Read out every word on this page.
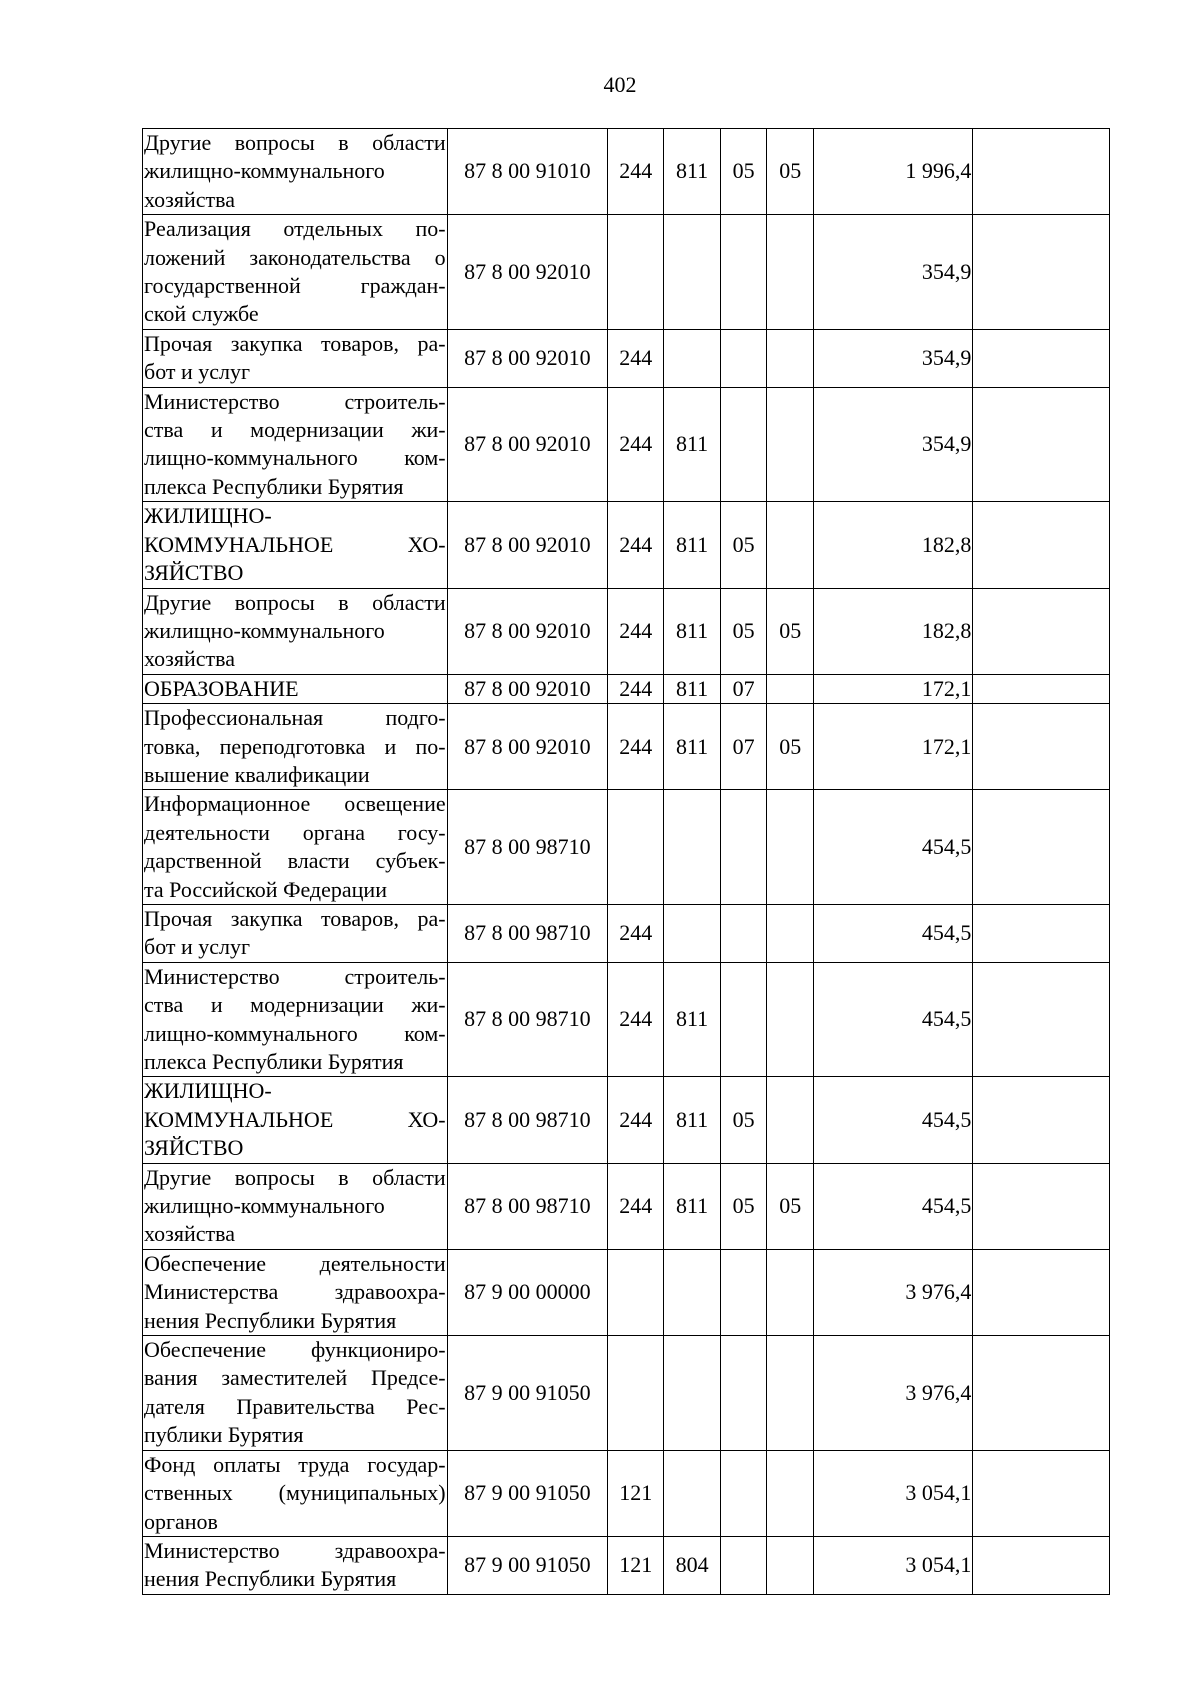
402
Другие вопросы в области
жилищно-коммунального
хозяйства	87 8 00 91010	244	811	05	05	1 996,4	

Реализация отдельных по-
ложений законодательства о
государственной граждан-
ской службе	87 8 00 92010					354,9	

Прочая закупка товаров, ра-
бот и услуг	87 8 00 92010	244				354,9	

Министерство строитель-
ства и модернизации жи-
лищно-коммунального ком-
плекса Республики Бурятия	87 8 00 92010	244	811			354,9	

ЖИЛИЩНО-
КОММУНАЛЬНОЕ ХО-
ЗЯЙСТВО	87 8 00 92010	244	811	05		182,8	

Другие вопросы в области
жилищно-коммунального
хозяйства	87 8 00 92010	244	811	05	05	182,8	

ОБРАЗОВАНИЕ	87 8 00 92010	244	811	07		172,1	

Профессиональная подго-
товка, переподготовка и по-
вышение квалификации	87 8 00 92010	244	811	07	05	172,1	

Информационное освещение
деятельности органа госу-
дарственной власти субъек-
та Российской Федерации	87 8 00 98710					454,5	

Прочая закупка товаров, ра-
бот и услуг	87 8 00 98710	244				454,5	

Министерство строитель-
ства и модернизации жи-
лищно-коммунального ком-
плекса Республики Бурятия	87 8 00 98710	244	811			454,5	

ЖИЛИЩНО-
КОММУНАЛЬНОЕ ХО-
ЗЯЙСТВО	87 8 00 98710	244	811	05		454,5	

Другие вопросы в области
жилищно-коммунального
хозяйства	87 8 00 98710	244	811	05	05	454,5	

Обеспечение деятельности
Министерства здравоохра-
нения Республики Бурятия	87 9 00 00000					3 976,4	

Обеспечение функциониро-
вания заместителей Предсе-
дателя Правительства Рес-
публики Бурятия	87 9 00 91050					3 976,4	

Фонд оплаты труда государ-
ственных (муниципальных)
органов	87 9 00 91050	121				3 054,1	

Министерство здравоохра-
нения Республики Бурятия	87 9 00 91050	121	804			3 054,1	
